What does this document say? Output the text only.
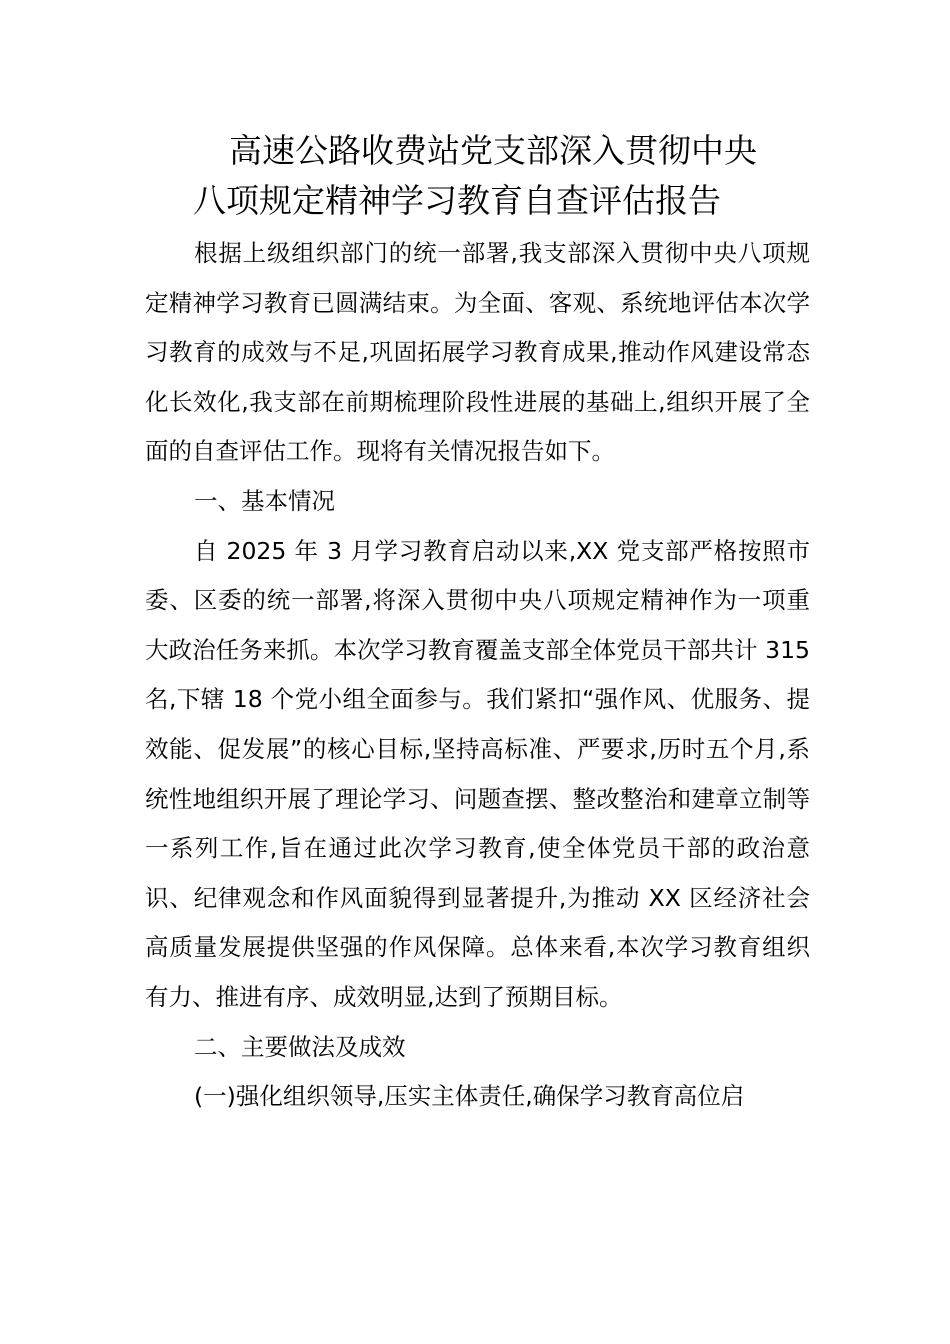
高速公路收费站党支部深入贯彻中央
八项规定精神学习教育自查评估报告

根据上级组织部门的统一部署,我支部深入贯彻中央八项规定精神学习教育已圆满结束。为全面、客观、系统地评估本次学习教育的成效与不足,巩固拓展学习教育成果,推动作风建设常态化长效化,我支部在前期梳理阶段性进展的基础上,组织开展了全面的自查评估工作。现将有关情况报告如下。

一、基本情况

自 2025 年 3 月学习教育启动以来,XX 党支部严格按照市委、区委的统一部署,将深入贯彻中央八项规定精神作为一项重大政治任务来抓。本次学习教育覆盖支部全体党员干部共计 315 名,下辖 18 个党小组全面参与。我们紧扣“强作风、优服务、提效能、促发展”的核心目标,坚持高标准、严要求,历时五个月,系统性地组织开展了理论学习、问题查摆、整改整治和建章立制等一系列工作,旨在通过此次学习教育,使全体党员干部的政治意识、纪律观念和作风面貌得到显著提升,为推动 XX 区经济社会高质量发展提供坚强的作风保障。总体来看,本次学习教育组织有力、推进有序、成效明显,达到了预期目标。

二、主要做法及成效

(一)强化组织领导,压实主体责任,确保学习教育高位启
